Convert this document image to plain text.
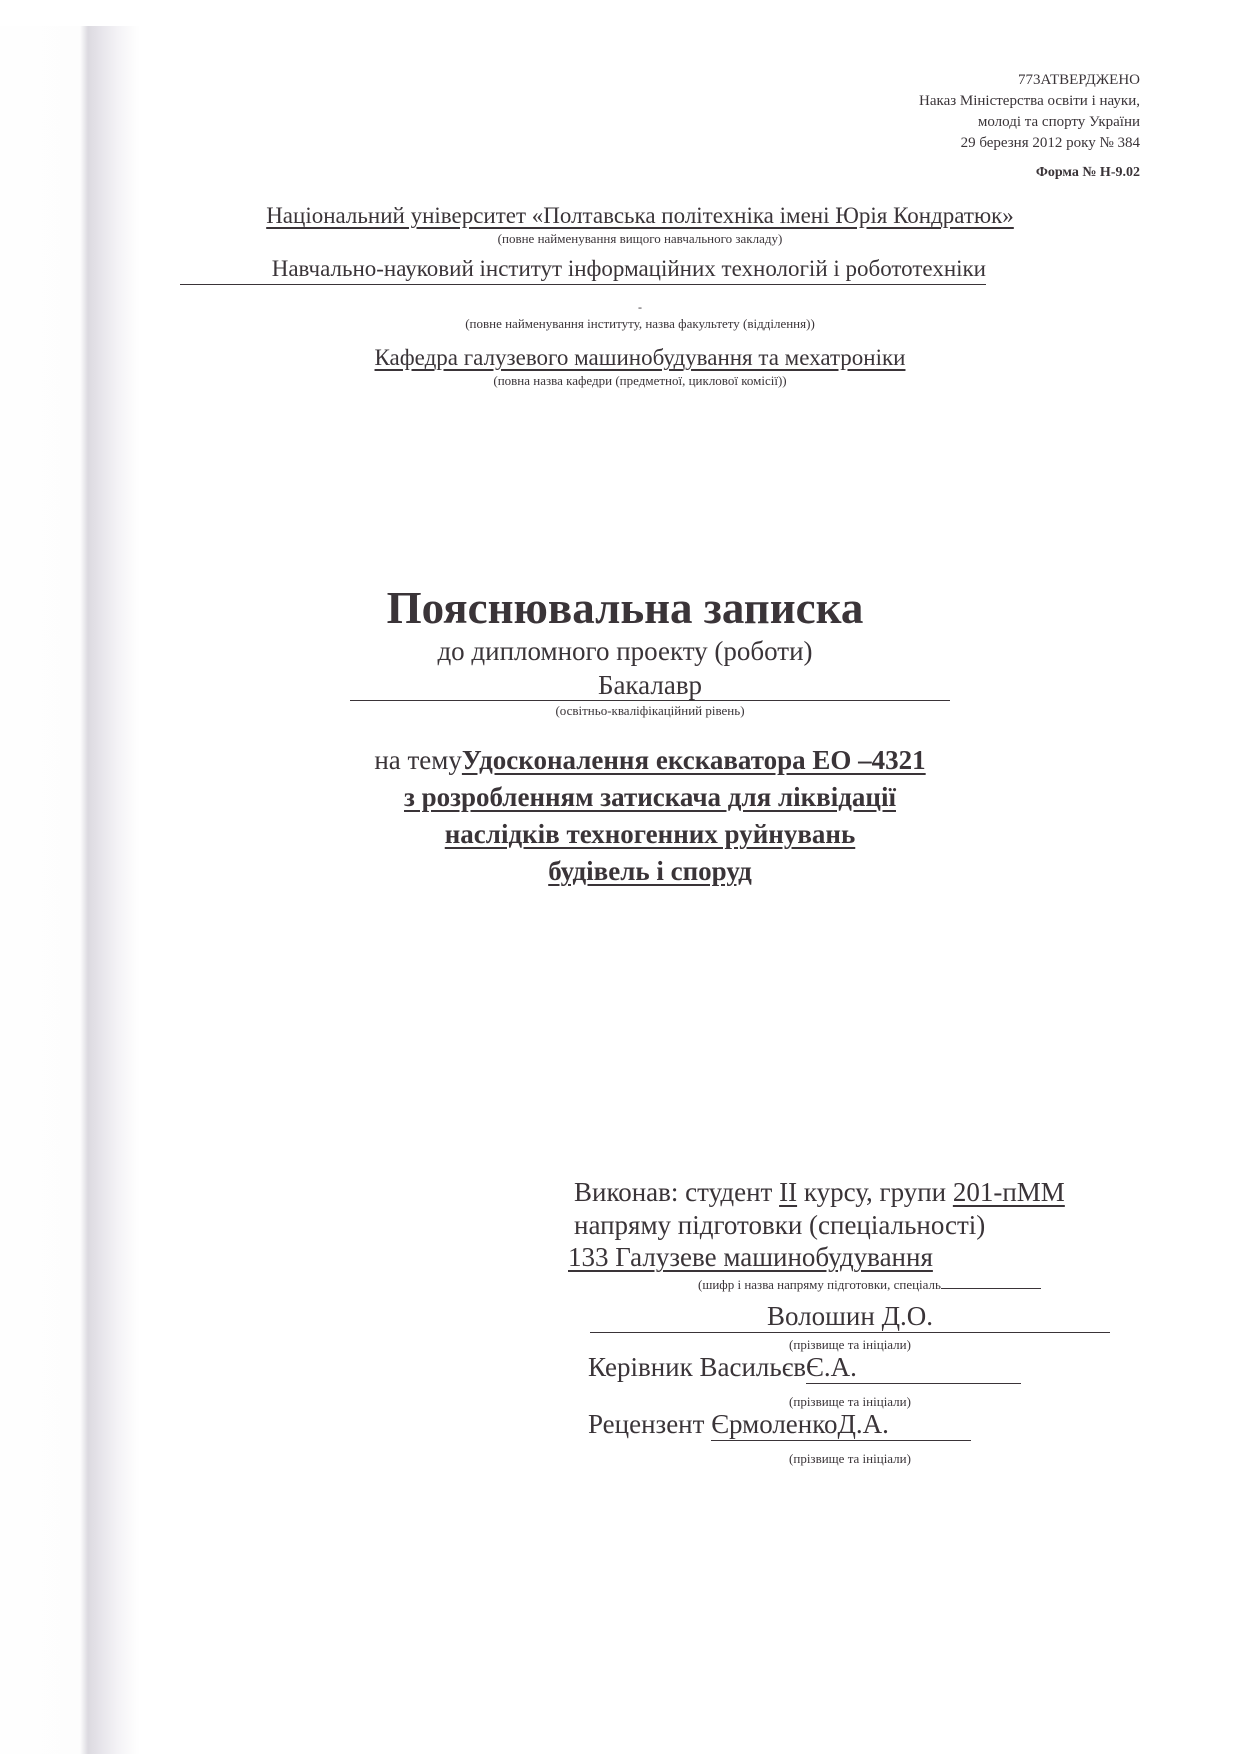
773АТВЕРДЖЕНО
Наказ Міністерства освіти і науки,
молоді та спорту України
29 березня 2012 року № 384
Форма № Н-9.02
Національний університет «Полтавська політехніка імені Юрія Кондратюк»
(повне найменування вищого навчального закладу)
Навчально-науковий інститут інформаційних технологій і робототехніки
-
(повне найменування інституту, назва факультету (відділення))
Кафедра галузевого машинобудування та мехатроніки
(повна назва кафедри (предметної, циклової комісії))
Пояснювальна записка
до дипломного проекту (роботи)
Бакалавр
(освітньо-кваліфікаційний рівень)
на темуУдосконалення екскаватора ЕО –4321
з розробленням затискача для ліквідації
наслідків техногенних руйнувань
будівель і споруд
Виконав: студент ІІ курсу, групи 201-пММ
напряму підготовки (спеціальності)
133 Галузеве машинобудування
(шифр і назва напряму підготовки, спеціаль
Волошин Д.О.
(прізвище та ініціали)
Керівник ВасильєвЄ.А.
(прізвище та ініціали)
Рецензент ЄрмоленкоД.А.
(прізвище та ініціали)
